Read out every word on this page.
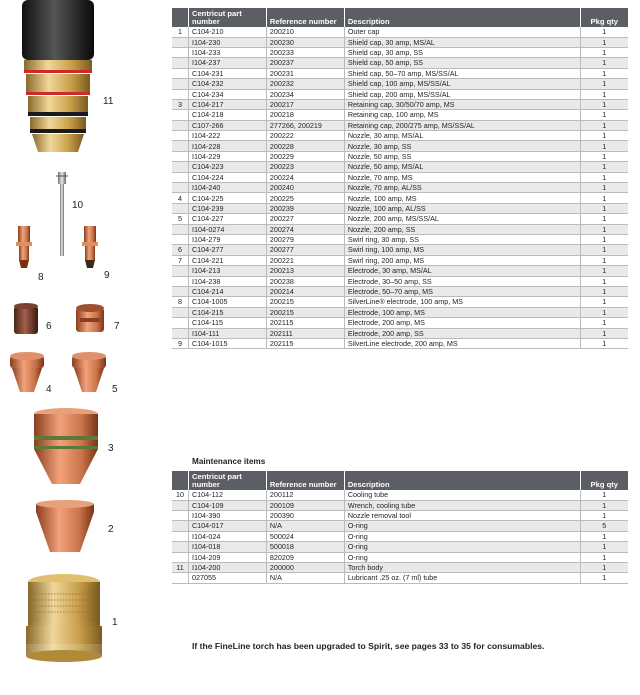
11
10
8	9
6	7
4	5
3
2
1
	Centricut part number	Reference number	Description	Pkg qty
1	C104-210	200210	Outer cap	1
	I104-230	200230	Shield cap, 30 amp, MS/AL	1
	I104-233	200233	Shield cap, 30 amp, SS	1
	I104-237	200237	Shield cap, 50 amp, SS	1
	C104-231	200231	Shield cap, 50–70 amp, MS/SS/AL	1
	C104-232	200232	Shield cap, 100 amp, MS/SS/AL	1
	C104-234	200234	Shield cap, 200 amp, MS/SS/AL	1
3	C104-217	200217	Retaining cap, 30/50/70 amp, MS	1
	C104-218	200218	Retaining cap, 100 amp, MS	1
	C107-266	277266, 200219	Retaining cap, 200/275 amp, MS/SS/AL	1
	I104-222	200222	Nozzle, 30 amp, MS/AL	1
	I104-228	200228	Nozzle, 30 amp, SS	1
	I104-229	200229	Nozzle, 50 amp, SS	1
	C104-223	200223	Nozzle, 50 amp, MS/AL	1
	C104-224	200224	Nozzle, 70 amp, MS	1
	I104-240	200240	Nozzle, 70 amp, AL/SS	1
4	C104-225	200225	Nozzle, 100 amp, MS	1
	C104-239	200239	Nozzle, 100 amp, AL/SS	1
5	C104-227	200227	Nozzle, 200 amp, MS/SS/AL	1
	I104-0274	200274	Nozzle, 200 amp, SS	1
	I104-279	200279	Swirl ring, 30 amp, SS	1
6	C104-277	200277	Swirl ring, 100 amp, MS	1
7	C104-221	200221	Swirl ring, 200 amp, MS	1
	I104-213	200213	Electrode, 30 amp, MS/AL	1
	I104-238	200238	Electrode, 30–50 amp, SS	1
	C104-214	200214	Electrode, 50–70 amp, MS	1
8	C104-1005	200215	SilverLine® electrode, 100 amp, MS	1
	C104-215	200215	Electrode, 100 amp, MS	1
	C104-115	202115	Electrode, 200 amp, MS	1
	I104-111	202111	Electrode, 200 amp, SS	1
9	C104-1015	202115	SilverLine electrode, 200 amp, MS	1
Maintenance items
	Centricut part number	Reference number	Description	Pkg qty
10	C104-112	200112	Cooling tube	1
	C104-109	200109	Wrench, cooling tube	1
	I104-390	200390	Nozzle removal tool	1
	C104-017	N/A	O-ring	5
	I104-024	500024	O-ring	1
	I104-018	500018	O-ring	1
	I104-209	820209	O-ring	1
11	I104-200	200000	Torch body	1
	027055	N/A	Lubricant .25 oz. (7 ml) tube	1
If the FineLine torch has been upgraded to Spirit, see pages 33 to 35 for consumables.
